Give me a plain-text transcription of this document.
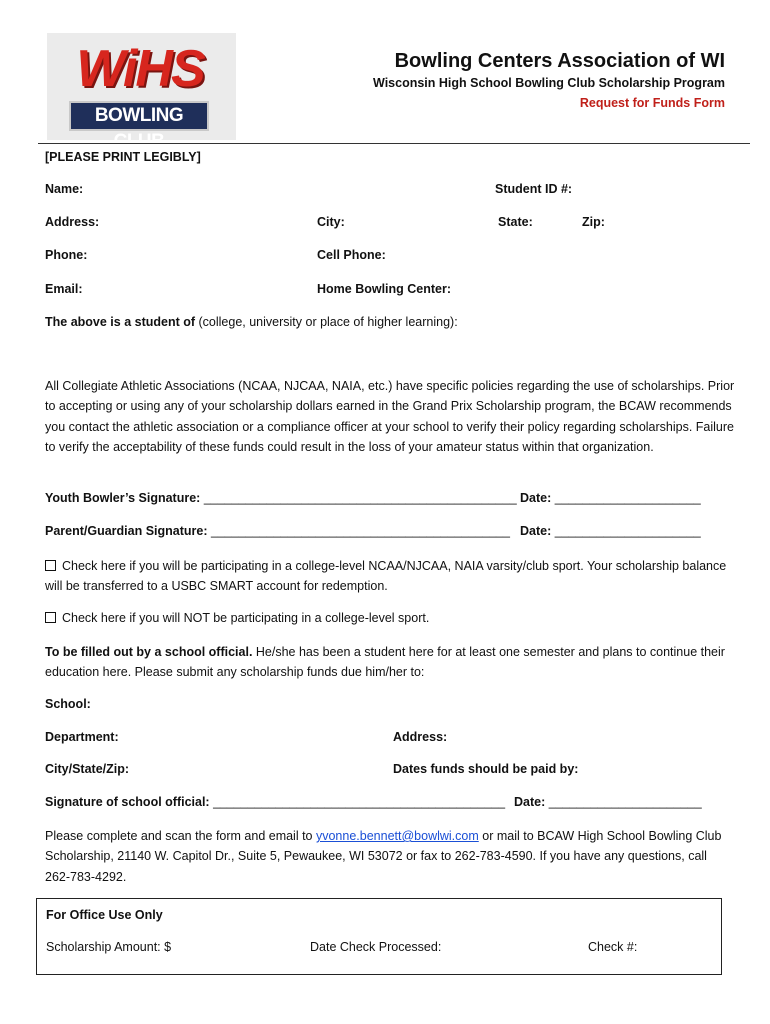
WiHS
BOWLING CLUB
Bowling Centers Association of WI
Wisconsin High School Bowling Club Scholarship Program
Request for Funds Form
[PLEASE PRINT LEGIBLY]
Name:	Student ID #:
Address:	City:	State:	Zip:
Phone:	Cell Phone:
Email:	Home Bowling Center:
The above is a student of (college, university or place of higher learning):
All Collegiate Athletic Associations (NCAA, NJCAA, NAIA, etc.) have specific policies regarding the use of scholarships. Prior to accepting or using any of your scholarship dollars earned in the Grand Prix Scholarship program, the BCAW recommends you contact the athletic association or a compliance officer at your school to verify their policy regarding scholarships. Failure to verify the acceptability of these funds could result in the loss of your amateur status within that organization.
Youth Bowler’s Signature: _____________________________________________ Date: _____________________
Parent/Guardian Signature: ___________________________________________ Date: _____________________
Check here if you will be participating in a college-level NCAA/NJCAA, NAIA varsity/club sport. Your scholarship balance will be transferred to a USBC SMART account for redemption.
Check here if you will NOT be participating in a college-level sport.
To be filled out by a school official. He/she has been a student here for at least one semester and plans to continue their education here. Please submit any scholarship funds due him/her to:
School:
Department:	Address:
City/State/Zip:	Dates funds should be paid by:
Signature of school official: __________________________________________ Date: ______________________
Please complete and scan the form and email to yvonne.bennett@bowlwi.com or mail to BCAW High School Bowling Club Scholarship, 21140 W. Capitol Dr., Suite 5, Pewaukee, WI 53072 or fax to 262-783-4590. If you have any questions, call 262-783-4292.
For Office Use Only
Scholarship Amount: $	Date Check Processed:	Check #:
